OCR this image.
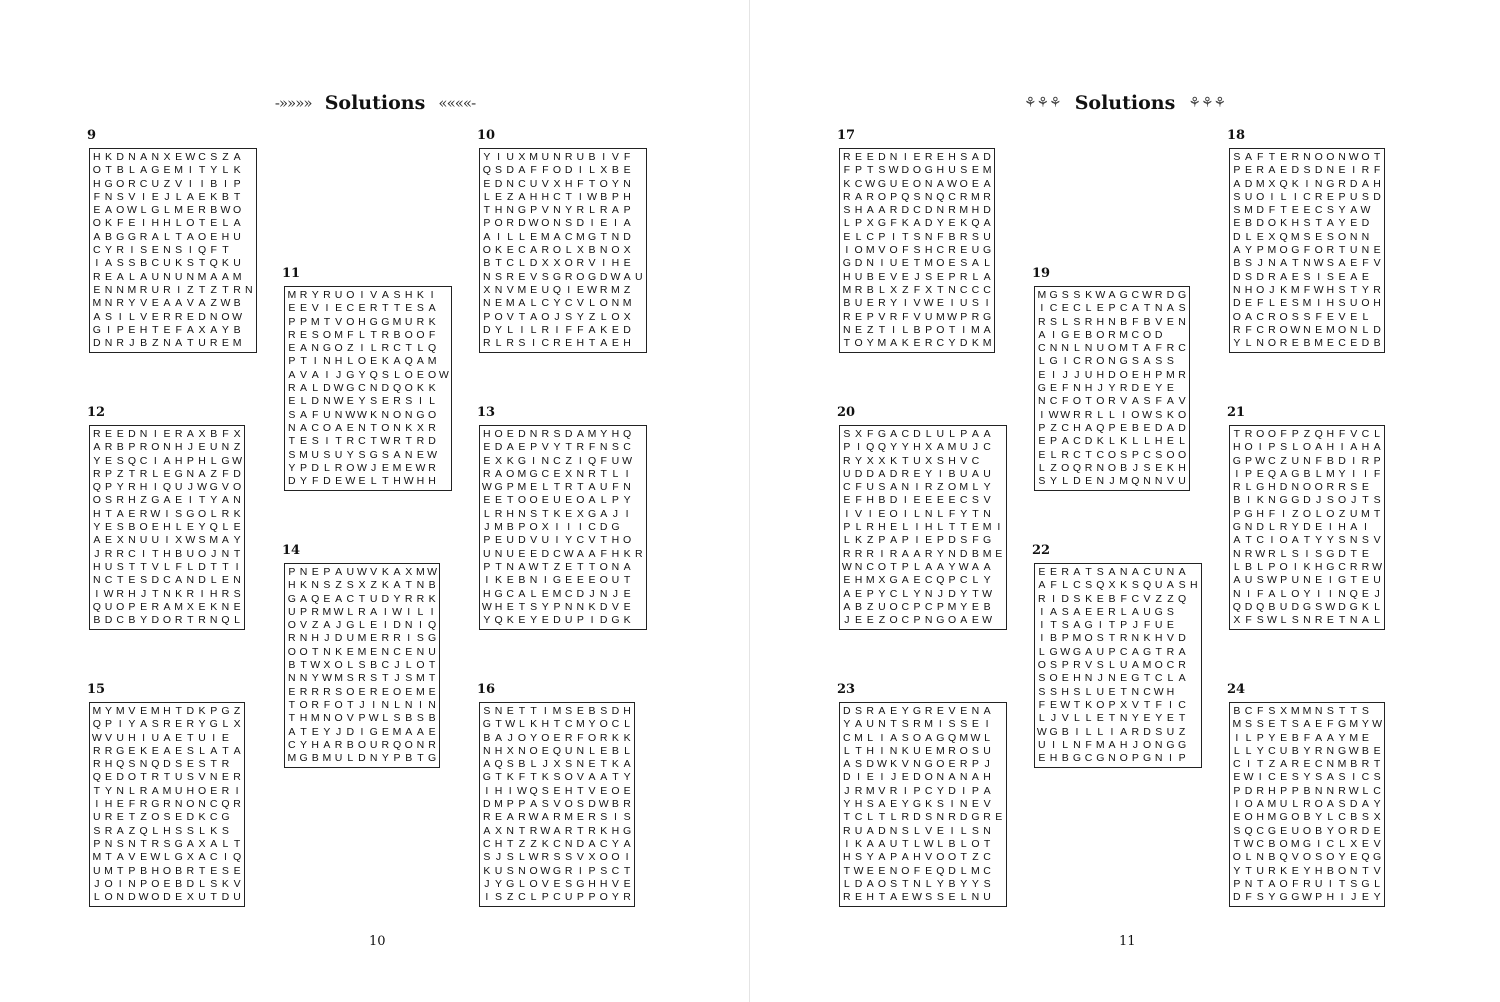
-»»»» Solutions ««««-
9
H K D N A N X E W C S Z A
O T B L A G E M I T Y L K
H G O R C U Z V I I B I P
F N S V I E J L A E K B T
E A O W L G L M E R B W O
O K F E I H H L O T E L A
A B G G R A L T A O E H U
C Y R I S E N S I Q F T
I A S S B C U K S T Q K U
R E A L A U N U N M A A M
E N N M R U R I Z T Z T R N
M N R Y V E A A V A Z W B
A S I L V E R R E D N O W
G I P E H T E F A X A Y B
D N R J B Z N A T U R E M
10
Y I U X M U N R U B I V F
Q S D A F F O D I L X B E
E D N C U V X H F T O Y N
L E Z A H H C T I W B P H
T H N G P V N Y R L R A P
P O R D W O N S D I E I A
A I L L E M A C M G T N D
O K E C A R O L X B N O X
B T C L D X X O R V I H E
N S R E V S G R O G D W A U
X N V M E U Q I E W R M Z
N E M A L C Y C V L O N M
P O V T A O J S Y Z L O X
D Y L I L R I F F A K E D
R L R S I C R E H T A E H
11
M R Y R U O I V A S H K I
E E V I E C E R T T E S A
P P M T V O H G G M U R K
R E S O M F L T R B O O F
E A N G O Z I L R C T L Q
P T I N H L O E K A Q A M
A V A I J G Y Q S L O E O W
R A L D W G C N D Q O K K
E L D N W E Y S E R S I L
S A F U N W W K N O N G O
N A C O A E N T O N K X R
T E S I T R C T W R T R D
S M U S U Y S G S A N E W
Y P D L R O W J E M E W R
D Y F D E W E L T H W H H
12
R E E D N I E R A X B F X
A R B P R O N H J E U N Z
Y E S Q C I A H P H L G W
R P Z T R L E G N A Z F D
Q P Y R H I Q U J W G V O
O S R H Z G A E I T Y A N
H T A E R W I S G O L R K
Y E S B O E H L E Y Q L E
A E X N U U I X W S M A Y
J R R C I T H B U O J N T
H U S T T V L F L D T T I
N C T E S D C A N D L E N
I W R H J T N K R I H R S
Q U O P E R A M X E K N E
B D C B Y D O R T R N Q L
13
H O E D N R S D A M Y H Q
E D A E P V Y T R F N S C
E X K G I N C Z I Q F U W
R A O M G C E X N R T L I
W G P M E L T R T A U F N
E E T O O E U E O A L P Y
L R H N S T K E X G A J I
J M B P O X I I I C D G
P E U D V U I Y C V T H O
U N U E E D C W A A F H K R
P T N A W T Z E T T O N A
I K E B N I G E E E O U T
H G C A L E M C D J N J E
W H E T S Y P N N K D V E
Y Q K E Y E D U P I D G K
14
P N E P A U W V K A X M W
H K N S Z S X Z K A T N B
G A Q E A C T U D Y R R K
U P R M W L R A I W I L I
O V Z A J G L E I D N I Q
R N H J D U M E R R I S G
O O T N K E M E N C E N U
B T W X O L S B C J L O T
N N Y W M S R S T J S M T
E R R R S O E R E O E M E
T O R F O T J I N L N I N
T H M N O V P W L S B S B
A T E Y J D I G E M A A E
C Y H A R B O U R Q O N R
M G B M U L D N Y P B T G
15
M Y M V E M H T D K P G Z
Q P I Y A S R E R Y G L X
W V U H I U A E T U I E
R R G E K E A E S L A T A
R H Q S N Q D S E S T R
Q E D O T R T U S V N E R
T Y N L R A M U H O E R I
I H E F R G R N O N C Q R
U R E T Z O S E D K C G
S R A Z Q L H S S L K S
P N S N T R S G A X A L T
M T A V E W L G X A C I Q
U M T P B H O B R T E S E
J O I N P O E B D L S K V
L O N D W O D E X U T D U
16
S N E T T I M S E B S D H
G T W L K H T C M Y O C L
B A J O Y O E R F O R K K
N H X N O E Q U N L E B L
A Q S B L J X S N E T K A
G T K F T K S O V A A T Y
I H I W Q S E H T V E O E
D M P P A S V O S D W B R
R E A R W A R M E R S I S
A X N T R W A R T R K H G
C H T Z Z K C N D A C Y A
S J S L W R S S V X O O I
K U S N O W G R I P S C T
J Y G L O V E S G H H V E
I S Z C L P C U P P O Y R
10
⚘⚘⚘ Solutions ⚘⚘⚘
17
R E E D N I E R E H S A D
F P T S W D O G H U S E M
K C W G U E O N A W O E A
R A R O P Q S N Q C R M R
S H A A R D C D N R M H D
L P X G F K A D Y E K Q A
E L C P I T S N F B R S U
I O M V O F S H C R E U G
G D N I U E T M O E S A L
H U B E V E J S E P R L A
M R B L X Z F X T N C C C
B U E R Y I V W E I U S I
R E P V R F V U M W P R G
N E Z T I L B P O T I M A
T O Y M A K E R C Y D K M
18
S A F T E R N O O N W O T
P E R A E D S D N E I R F
A D M X Q K I N G R D A H
S U O I L I C R E P U S D
S M D F T E E C S Y A W
E B D O K H S T A Y E D
D L E X Q M S E S O N N
A Y P M O G F O R T U N E
B S J N A T N W S A E F V
D S D R A E S I S E A E
N H O J K M F W H S T Y R
D E F L E S M I H S U O H
O A C R O S S F E V E L
R F C R O W N E M O N L D
Y L N O R E B M E C E D B
19
M G S S K W A G C W R D G
I C E C L E P C A T N A S
R S L S R H N B F B V E N
A I G E B O R M C O D
C N N L N U O M T A F R C
L G I C R O N G S A S S
E I J J U H D O E H P M R
G E F N H J Y R D E Y E
N C F O T O R V A S F A V
I W W R R L L I O W S K O
P Z C H A Q P E B E D A D
E P A C D K L K L L H E L
E L R C T C O S P C S O O
L Z O Q R N O B J S E K H
S Y L D E N J M Q N N V U
20
S X F G A C D L U L P A A
P I Q Q Y Y H X A M U J C
R Y X X K T U X S H V C
U D D A D R E Y I B U A U
C F U S A N I R Z O M L Y
E F H B D I E E E E C S V
I V I E O I L N L F Y T N
P L R H E L I H L T T E M I
L K Z P A P I E P D S F G
R R R I R A A R Y N D B M E
W N C O T P L A A Y W A A
E H M X G A E C Q P C L Y
A E P Y C L Y N J D Y T W
A B Z U O C P C P M Y E B
J E E Z O C P N G O A E W
21
T R O O F P Z Q H F V C L
H O I P S L O A H I A H A
G P W C Z U N F B D I R P
I P E Q A G B L M Y I I F
R L G H D N O O R R S E
B I K N G G D J S O J T S
P G H F I Z O L O Z U M T
G N D L R Y D E I H A I
A T C I O A T Y Y S N S V
N R W R L S I S G D T E
L B L P O I K H G C R R W
A U S W P U N E I G T E U
N I F A L O Y I I N Q E J
Q D Q B U D G S W D G K L
X F S W L S N R E T N A L
22
E E R A T S A N A C U N A
A F L C S Q X K S Q U A S H
R I D S K E B F C V Z Z Q
I A S A E E R L A U G S
I T S A G I T P J F U E
I B P M O S T R N K H V D
L G W G A U P C A G T R A
O S P R V S L U A M O C R
S O E H N J N E G T C L A
S S H S L U E T N C W H
F E W T K O P X V T F I C
L J V L L E T N Y E Y E T
W G B I L L I A R D S U Z
U I L N F M A H J O N G G
E H B G C G N O P G N I P
23
D S R A E Y G R E V E N A
Y A U N T S R M I S S E I
C M L I A S O A G Q M W L
L T H I N K U E M R O S U
A S D W K V N G O E R P J
D I E I J E D O N A N A H
J R M V R I P C Y D I P A
Y H S A E Y G K S I N E V
T C L T L R D S N R D G R E
R U A D N S L V E I L S N
I K A A U T L W L B L O T
H S Y A P A H V O O T Z C
T W E E N O F E Q D L M C
L D A O S T N L Y B Y Y S
R E H T A E W S S E L N U
24
B C F S X M M N S T T S
M S S E T S A E F G M Y W
I L P Y E B F A A Y M E
L L Y C U B Y R N G W B E
C I T Z A R E C N M B R T
E W I C E S Y S A S I C S
P D R H P P B N N R W L C
I O A M U L R O A S D A Y
E O H M G O B Y L C B S X
S Q C G E U O B Y O R D E
T W C B O M G I C L X E V
O L N B Q V O S O Y E Q G
Y T U R K E Y H B O N T V
P N T A O F R U I T S G L
D F S Y G G W P H I J E Y
11
